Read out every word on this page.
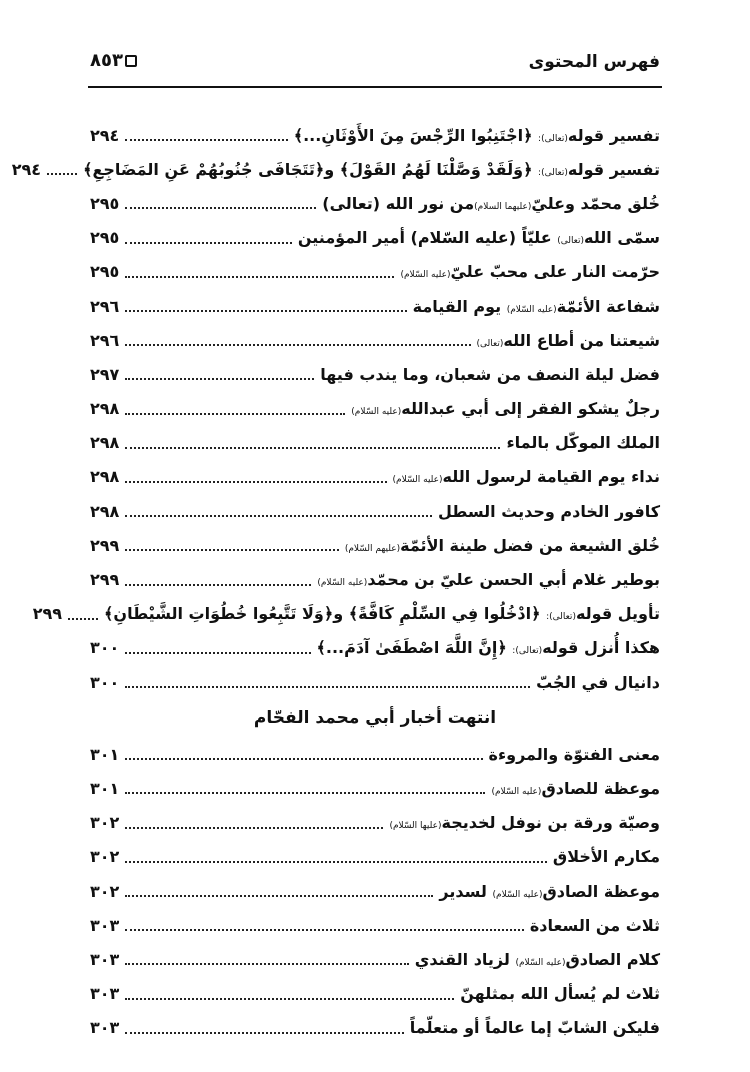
فهرس المحتوى
٨٥٣
تفسير قوله(تعالى): ﴿اجْتَنِبُوا الرِّجْسَ مِنَ الأَوْثَانِ...﴾
٢٩٤
تفسير قوله(تعالى): ﴿وَلَقَدْ وَصَّلْنَا لَهُمُ القَوْلَ﴾ و﴿تَتَجَافَى جُنُوبُهُمْ عَنِ المَضَاجِعِ﴾
٢٩٤
خُلق محمّد وعليّ(عليهما السلام)من نور الله (تعالى)
٢٩٥
سمّى الله(تعالى) عليّاً (عليه السّلام) أمير المؤمنين
٢٩٥
حرّمت النار على محبّ عليّ(عليه السّلام)
٢٩٥
شفاعة الأئمّة(عليه السّلام) يوم القيامة
٢٩٦
شيعتنا من أطاع الله(تعالى)
٢٩٦
فضل ليلة النصف من شعبان، وما يندب فيها
٢٩٧
رجلٌ يشكو الفقر إلى أبي عبدالله(عليه السّلام)
٢٩٨
الملك الموكّل بالماء
٢٩٨
نداء يوم القيامة لرسول الله(عليه السّلام)
٢٩٨
كافور الخادم وحديث السطل
٢٩٨
خُلق الشيعة من فضل طينة الأئمّة(عليهم السّلام)
٢٩٩
بوطير غلام أبي الحسن عليّ بن محمّد(عليه السّلام)
٢٩٩
تأويل قوله(تعالى): ﴿ادْخُلُوا فِي السِّلْمِ كَافَّةً﴾ و﴿وَلَا تَتَّبِعُوا خُطُوَاتِ الشَّيْطَانِ﴾
٢٩٩
هكذا أُنزل قوله(تعالى): ﴿إِنَّ اللَّهَ اصْطَفَىٰ آدَمَ...﴾
٣٠٠
دانيال في الجُبّ
٣٠٠
انتهت أخبار أبي محمد الفحّام
معنى الفتوّة والمروءة
٣٠١
موعظة للصادق(عليه السّلام)
٣٠١
وصيّة ورقة بن نوفل لخديجة(عليها السّلام)
٣٠٢
مكارم الأخلاق
٣٠٢
موعظة الصادق(عليه السّلام) لسدير
٣٠٢
ثلاث من السعادة
٣٠٣
كلام الصادق(عليه السّلام) لزياد القندي
٣٠٣
ثلاث لم يُسأل الله بمثلهنّ
٣٠٣
فليكن الشابّ إما عالماً أو متعلّماً
٣٠٣
